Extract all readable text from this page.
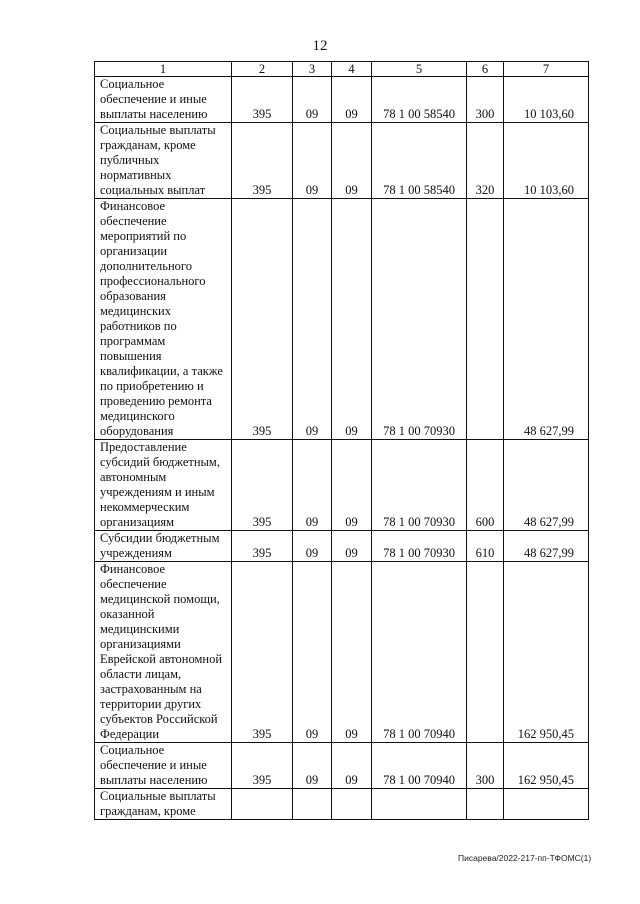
12
1	2	3	4	5	6	7
Социальное обеспечение и иные выплаты населению	395	09	09	78 1 00 58540	300	10 103,60
Социальные выплаты гражданам, кроме публичных нормативных социальных выплат	395	09	09	78 1 00 58540	320	10 103,60
Финансовое обеспечение мероприятий по организации дополнительного профессионального образования медицинских работников по программам повышения квалификации, а также по приобретению и проведению ремонта медицинского оборудования	395	09	09	78 1 00 70930		48 627,99
Предоставление субсидий бюджетным, автономным учреждениям и иным некоммерческим организациям	395	09	09	78 1 00 70930	600	48 627,99
Субсидии бюджетным учреждениям	395	09	09	78 1 00 70930	610	48 627,99
Финансовое обеспечение медицинской помощи, оказанной медицинскими организациями Еврейской автономной области лицам, застрахованным на территории других субъектов Российской Федерации	395	09	09	78 1 00 70940		162 950,45
Социальное обеспечение и иные выплаты населению	395	09	09	78 1 00 70940	300	162 950,45
Социальные выплаты гражданам, кроме						
Писарева/2022-217-пп-ТФОМС(1)
